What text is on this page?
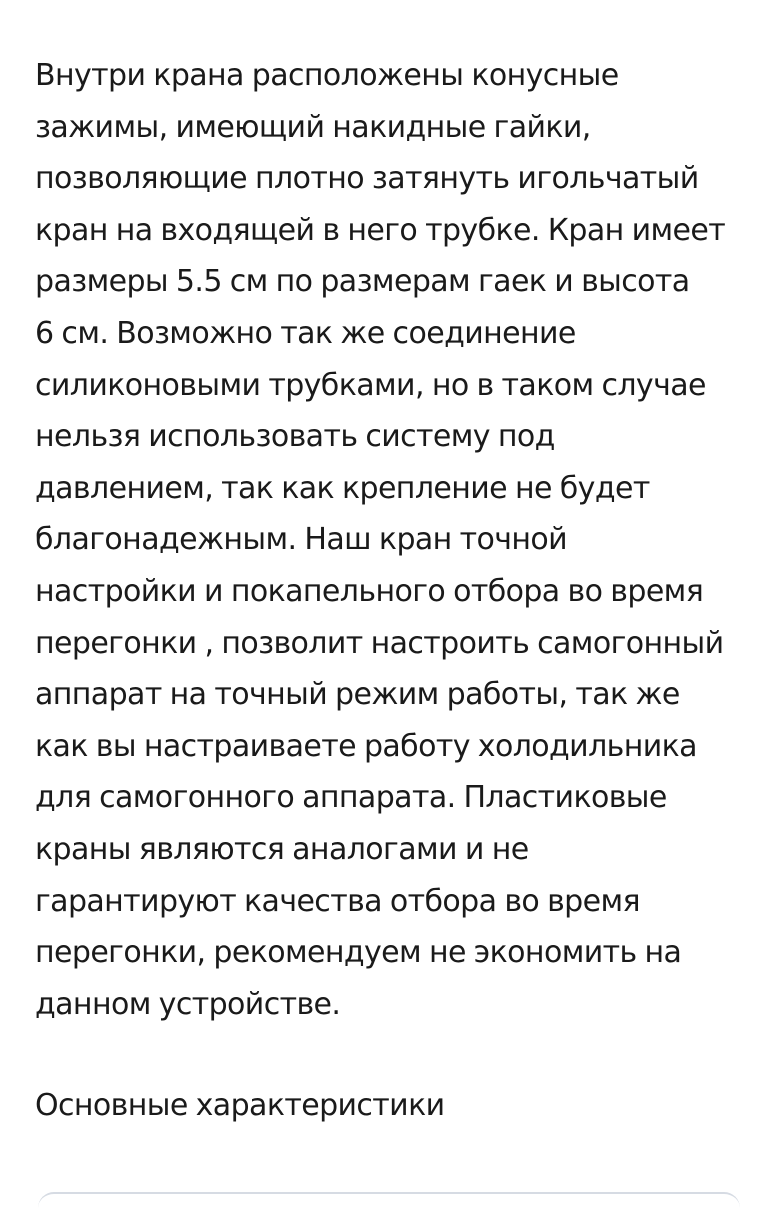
Внутри крана расположены конусные
зажимы, имеющий накидные гайки,
позволяющие плотно затянуть игольчатый
кран на входящей в него трубке. Кран имеет
размеры 5.5 см по размерам гаек и высота
6 см. Возможно так же соединение
силиконовыми трубками, но в таком случае
нельзя использовать систему под
давлением, так как крепление не будет
благонадежным. Наш кран точной
настройки и покапельного отбора во время
перегонки , позволит настроить самогонный
аппарат на точный режим работы, так же
как вы настраиваете работу холодильника
для самогонного аппарата. Пластиковые
краны являются аналогами и не
гарантируют качества отбора во время
перегонки, рекомендуем не экономить на
данном устройстве.

Основные характеристики
